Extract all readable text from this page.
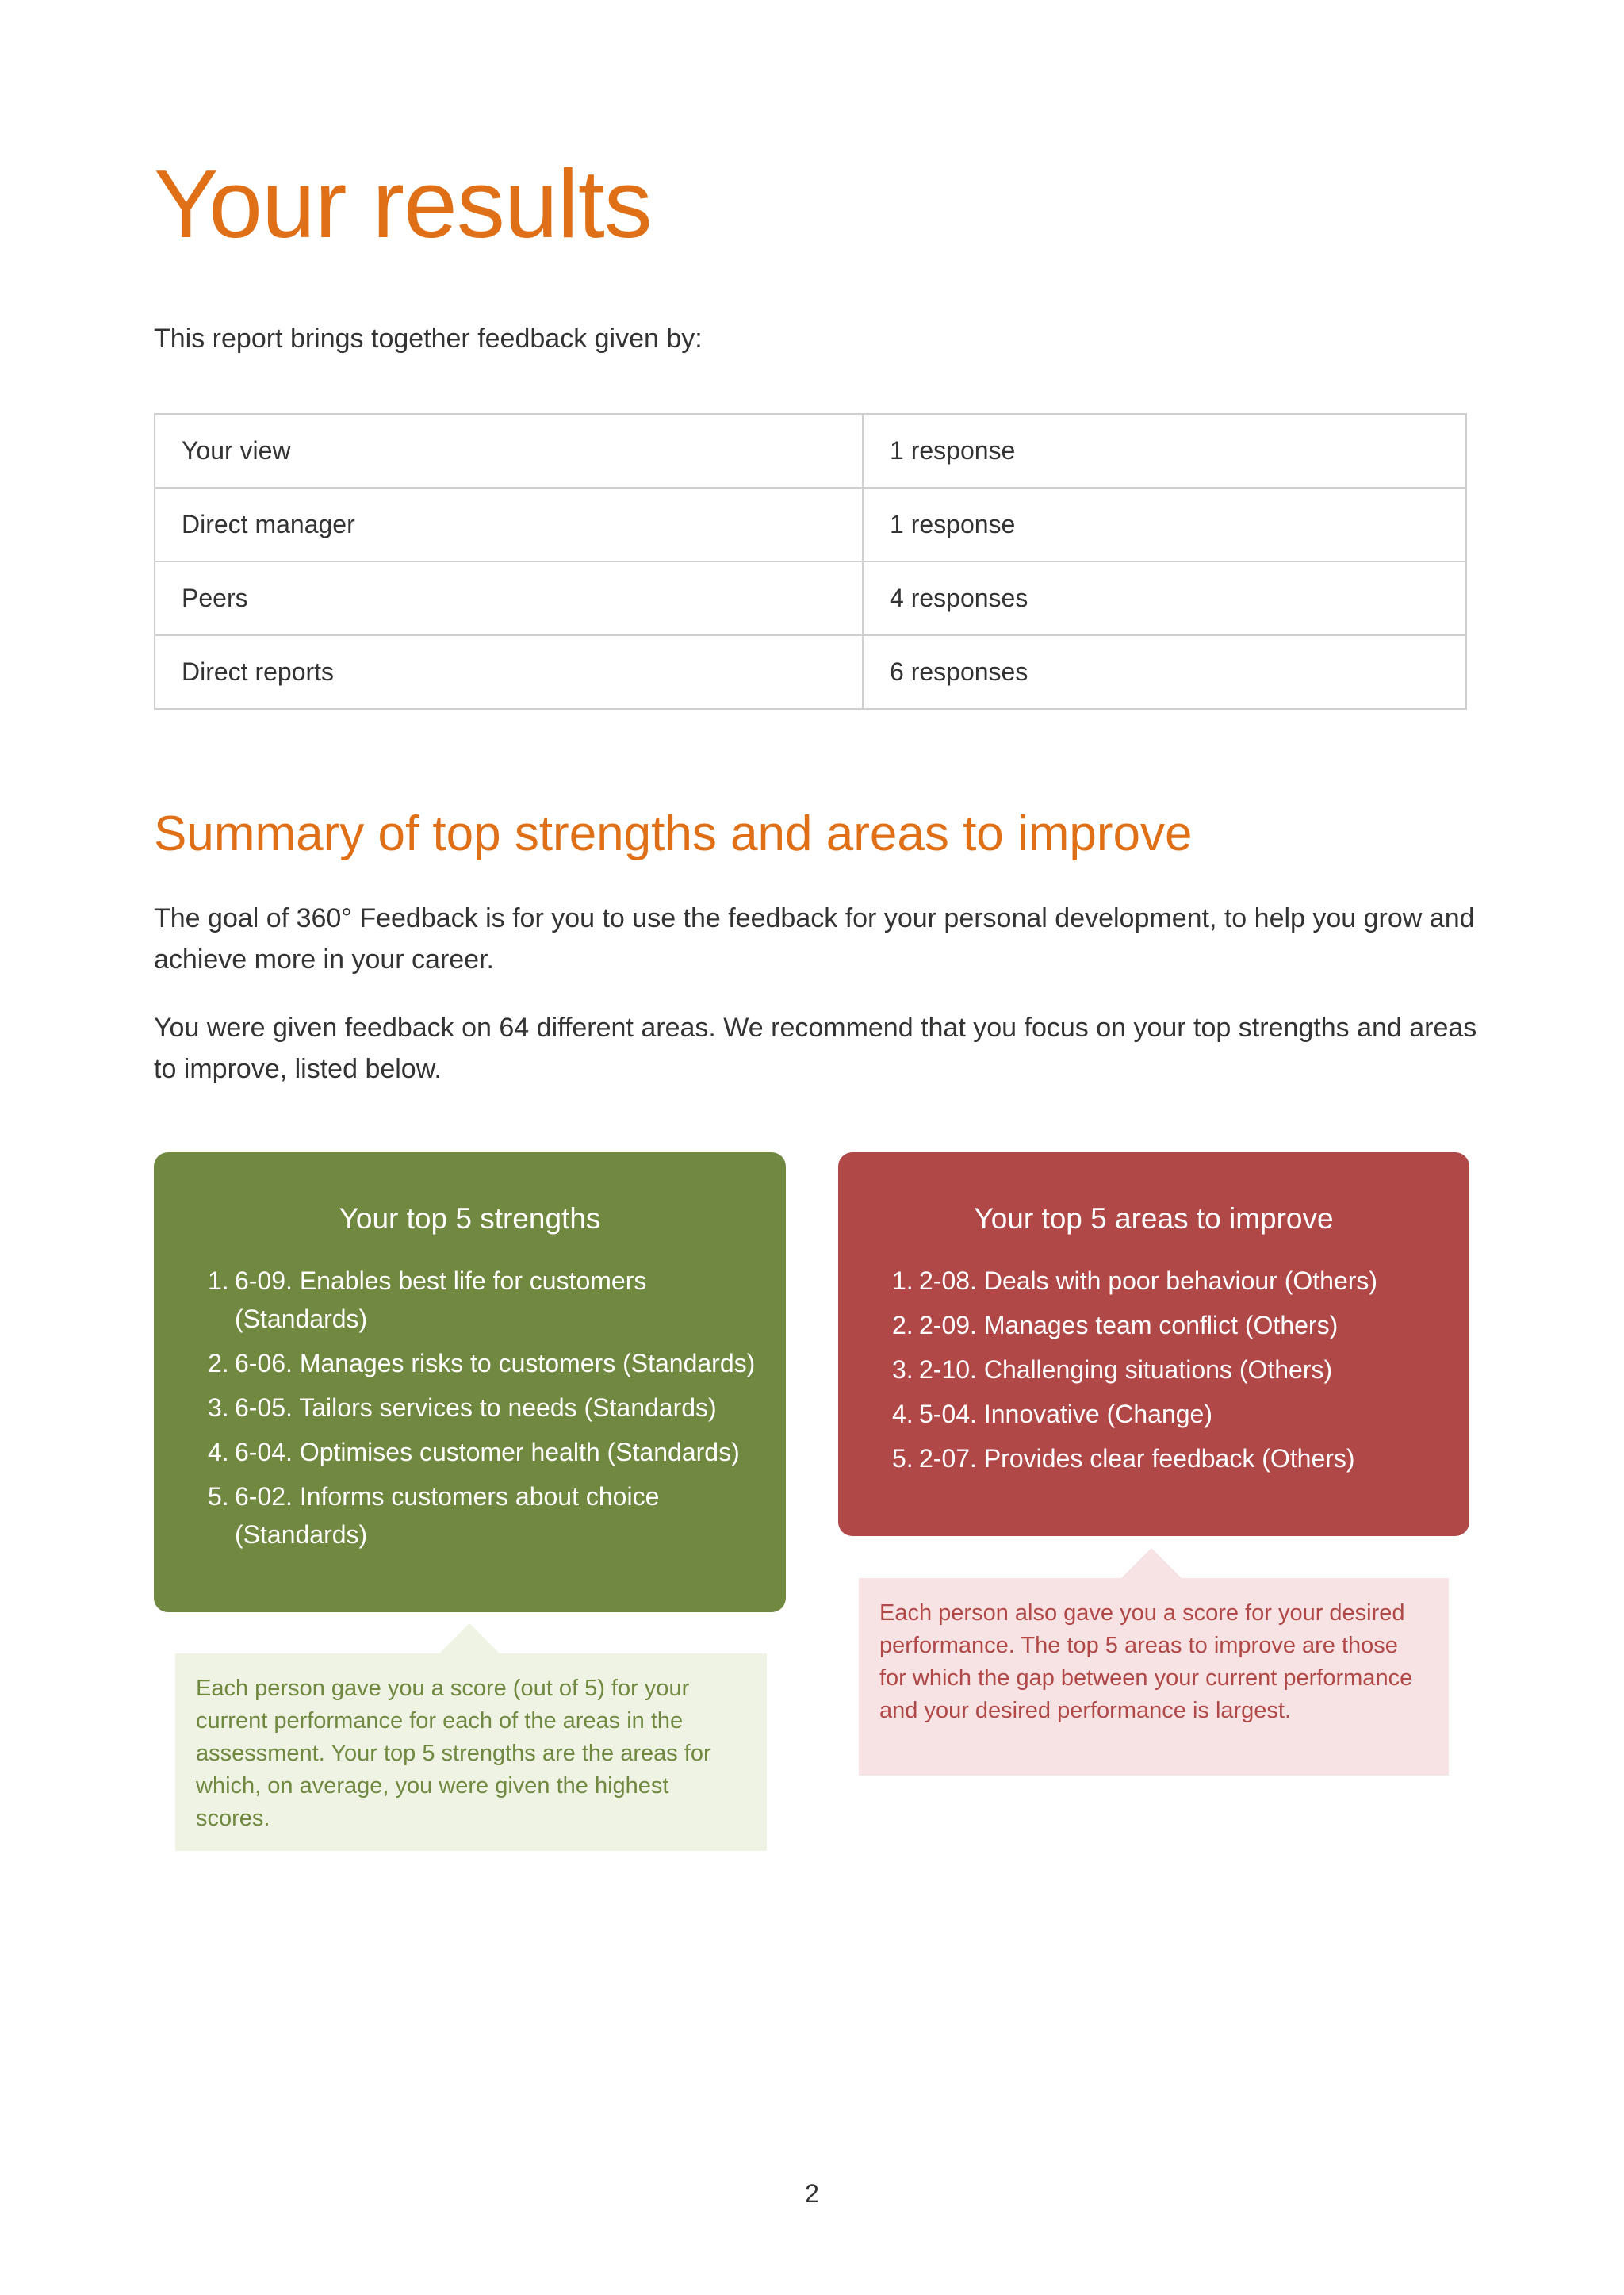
Your results

This report brings together feedback given by:

Your view	1 response
Direct manager	1 response
Peers	4 responses
Direct reports	6 responses
Summary of top strengths and areas to improve

The goal of 360° Feedback is for you to use the feedback for your personal development, to help you grow and achieve more in your career.

You were given feedback on 64 different areas. We recommend that you focus on your top strengths and areas to improve, listed below.

Your top 5 strengths
1. 6-09. Enables best life for customers (Standards)
2. 6-06. Manages risks to customers (Standards)
3. 6-05. Tailors services to needs (Standards)
4. 6-04. Optimises customer health (Standards)
5. 6-02. Informs customers about choice (Standards)
Your top 5 areas to improve
1. 2-08. Deals with poor behaviour (Others)
2. 2-09. Manages team conflict (Others)
3. 2-10. Challenging situations (Others)
4. 5-04. Innovative (Change)
5. 2-07. Provides clear feedback (Others)
Each person gave you a score (out of 5) for your current performance for each of the areas in the assessment. Your top 5 strengths are the areas for which, on average, you were given the highest scores.
Each person also gave you a score for your desired performance. The top 5 areas to improve are those for which the gap between your current performance and your desired performance is largest.
2
